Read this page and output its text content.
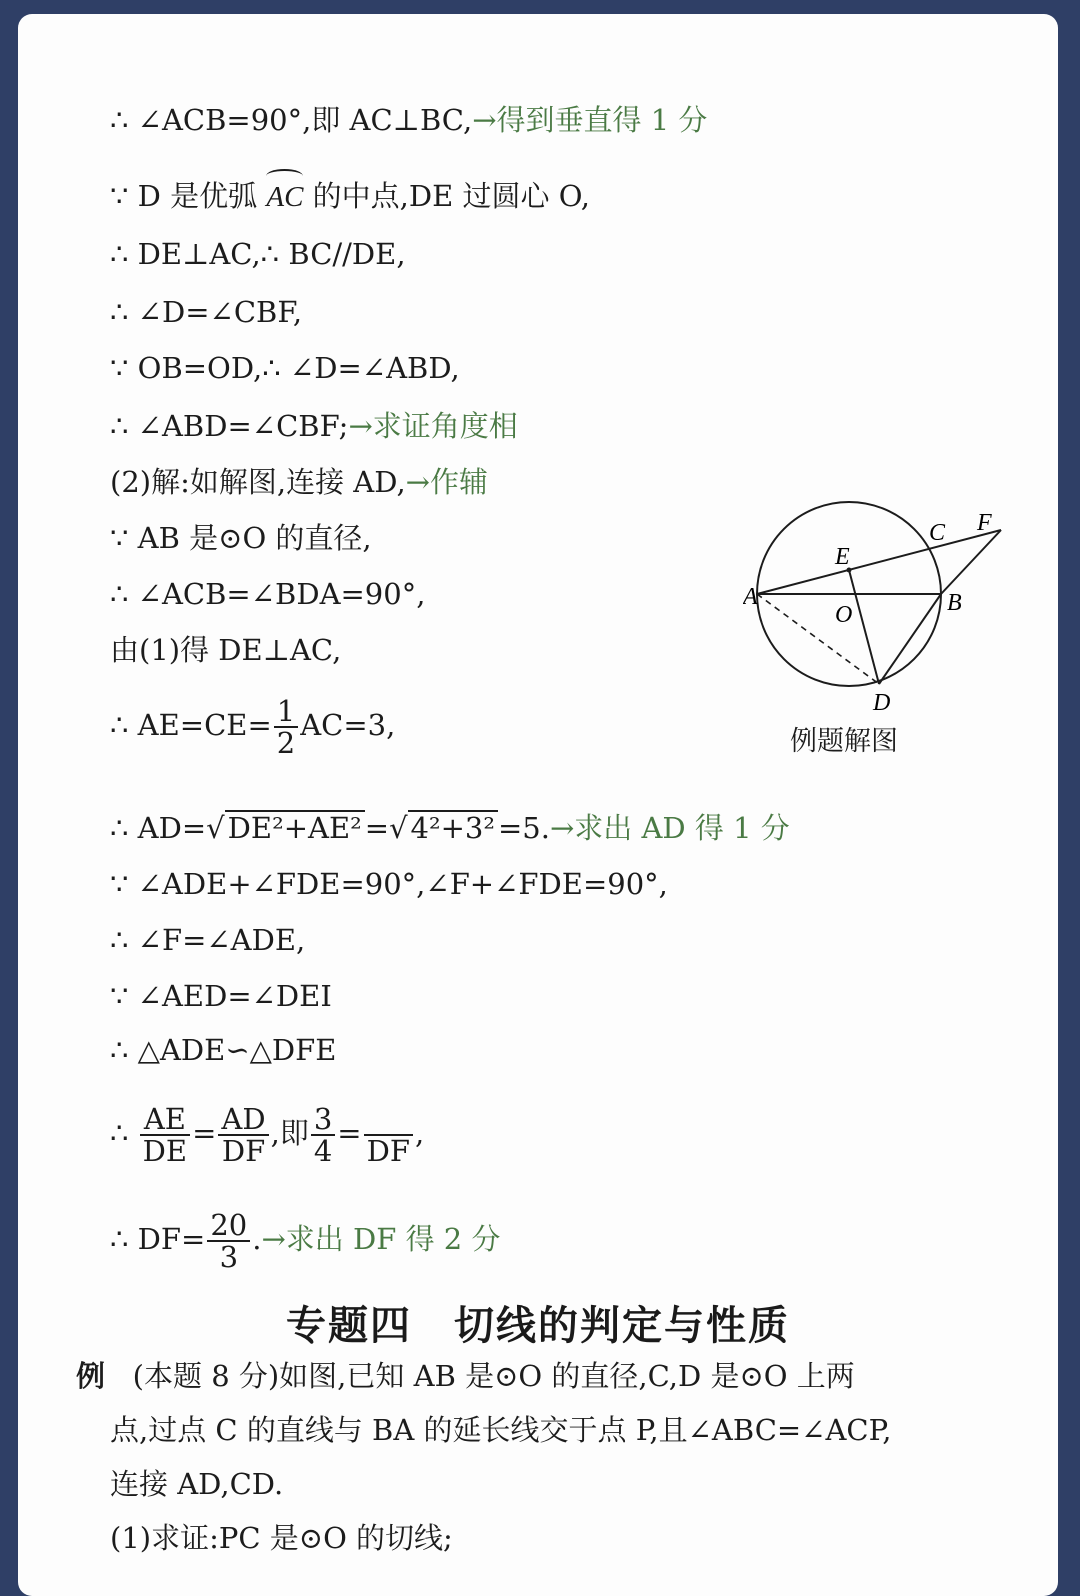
∴ ∠ACB=90°,即 AC⊥BC,→得到垂直得 1 分
∵ D 是优弧
AC 的中点,DE 过圆心 O,
∴ DE⊥AC,∴ BC//DE,
∴ ∠D=∠CBF,
∵ OB=OD,∴ ∠D=∠ABD,
∴ ∠ABD=∠CBF;→求证角度相
(2)解:如解图,连接 AD,→作辅
∵ AB 是⊙O 的直径,
∴ ∠ACB=∠BDA=90°,
由(1)得 DE⊥AC,
∴ $AE=CE= \frac{1}{2} AC=3$,
∴ AD=√ DE²+AE² =√ 4²+3² =5.→求出 AD 得 1 分
∵ ∠ADE+∠FDE=90°,∠F+∠FDE=90°,
∴ ∠F=∠ADE,
∵ ∠AED=∠DEI
∴ △ADE∽△DFE
∴ $\frac{AE}{DE} = \frac{AD}{DF}$ ,即 $\frac{3}{4}$ =

DF
,
∴ $DF= \frac{20}{3}$ .→求出 DF 得 2 分
A	B
C
D
E
F
O
例题解图
专题四　切线的判定与性质
例 (本题 8 分)如图,已知 AB 是⊙O 的直径,C,D 是⊙O 上两
点,过点 C 的直线与 BA 的延长线交于点 P,且∠ABC=∠ACP,
连接 AD,CD.
(1)求证:PC 是⊙O 的切线;
